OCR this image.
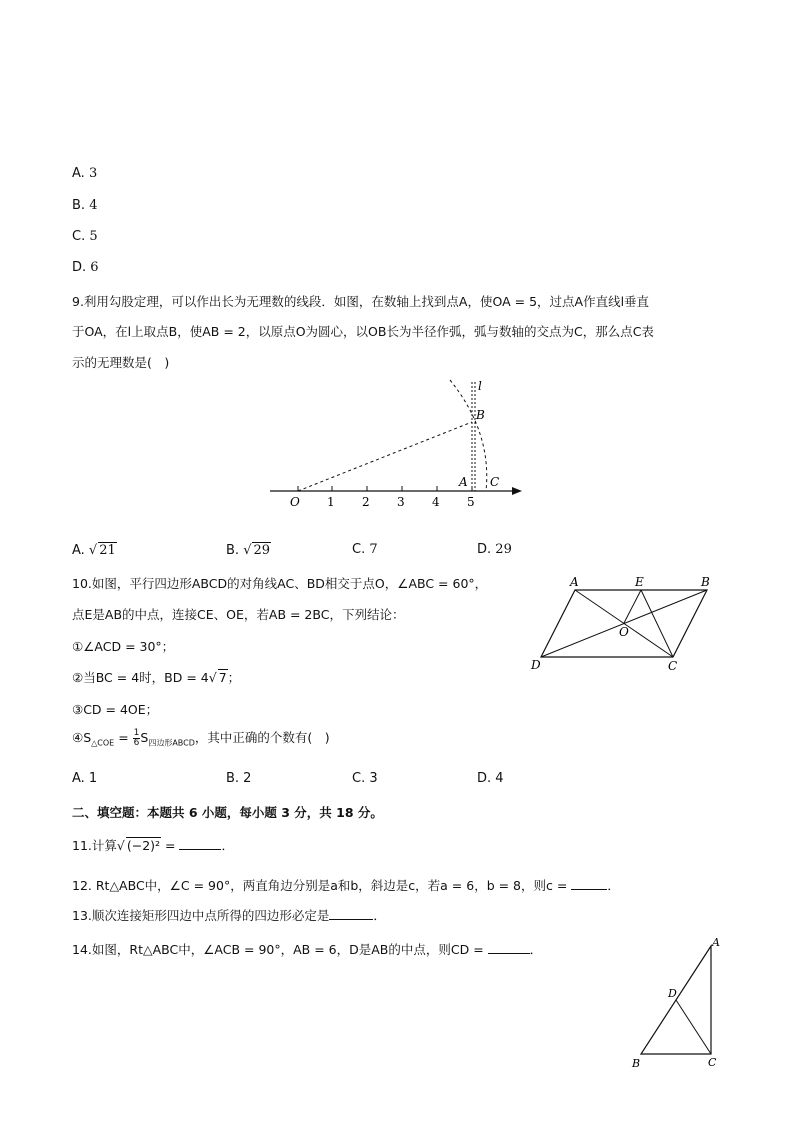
A. 3
B. 4
C. 5
D. 6
9.利用勾股定理，可以作出长为无理数的线段．如图，在数轴上找到点A，使OA = 5，过点A作直线l垂直
于OA，在l上取点B，使AB = 2，以原点O为圆心，以OB长为半径作弧，弧与数轴的交点为C，那么点C表
示的无理数是(　)
l
B
A C
O 1 2 3 4 5
A. √ 21	B. √ 29	C. 7	D. 29
10.如图，平行四边形ABCD的对角线AC、BD相交于点O，∠ABC = 60°，
点E是AB的中点，连接CE、OE，若AB = 2BC，下列结论：
①∠ACD = 30°；
②当BC = 4时，BD = 4√ 7；
③CD = 4OE；
$④S_{\triangle COE} = \frac{1}{6} S_{四边形ABCD}$，其中正确的个数有(　)
A	E	B
O
D	C
A. 1	B. 2	C. 3	D. 4
二、填空题：本题共 6 小题，每小题 3 分，共 18 分。
11.计算√ (−2)² =	．
12. Rt△ABC中，∠C = 90°，两直角边分别是a和b，斜边是c，若a = 6，b = 8，则c =	．
13.顺次连接矩形四边中点所得的四边形必定是	．
14.如图，Rt△ABC中，∠ACB = 90°，AB = 6，D是AB的中点，则CD =	．	A
D
B	C
